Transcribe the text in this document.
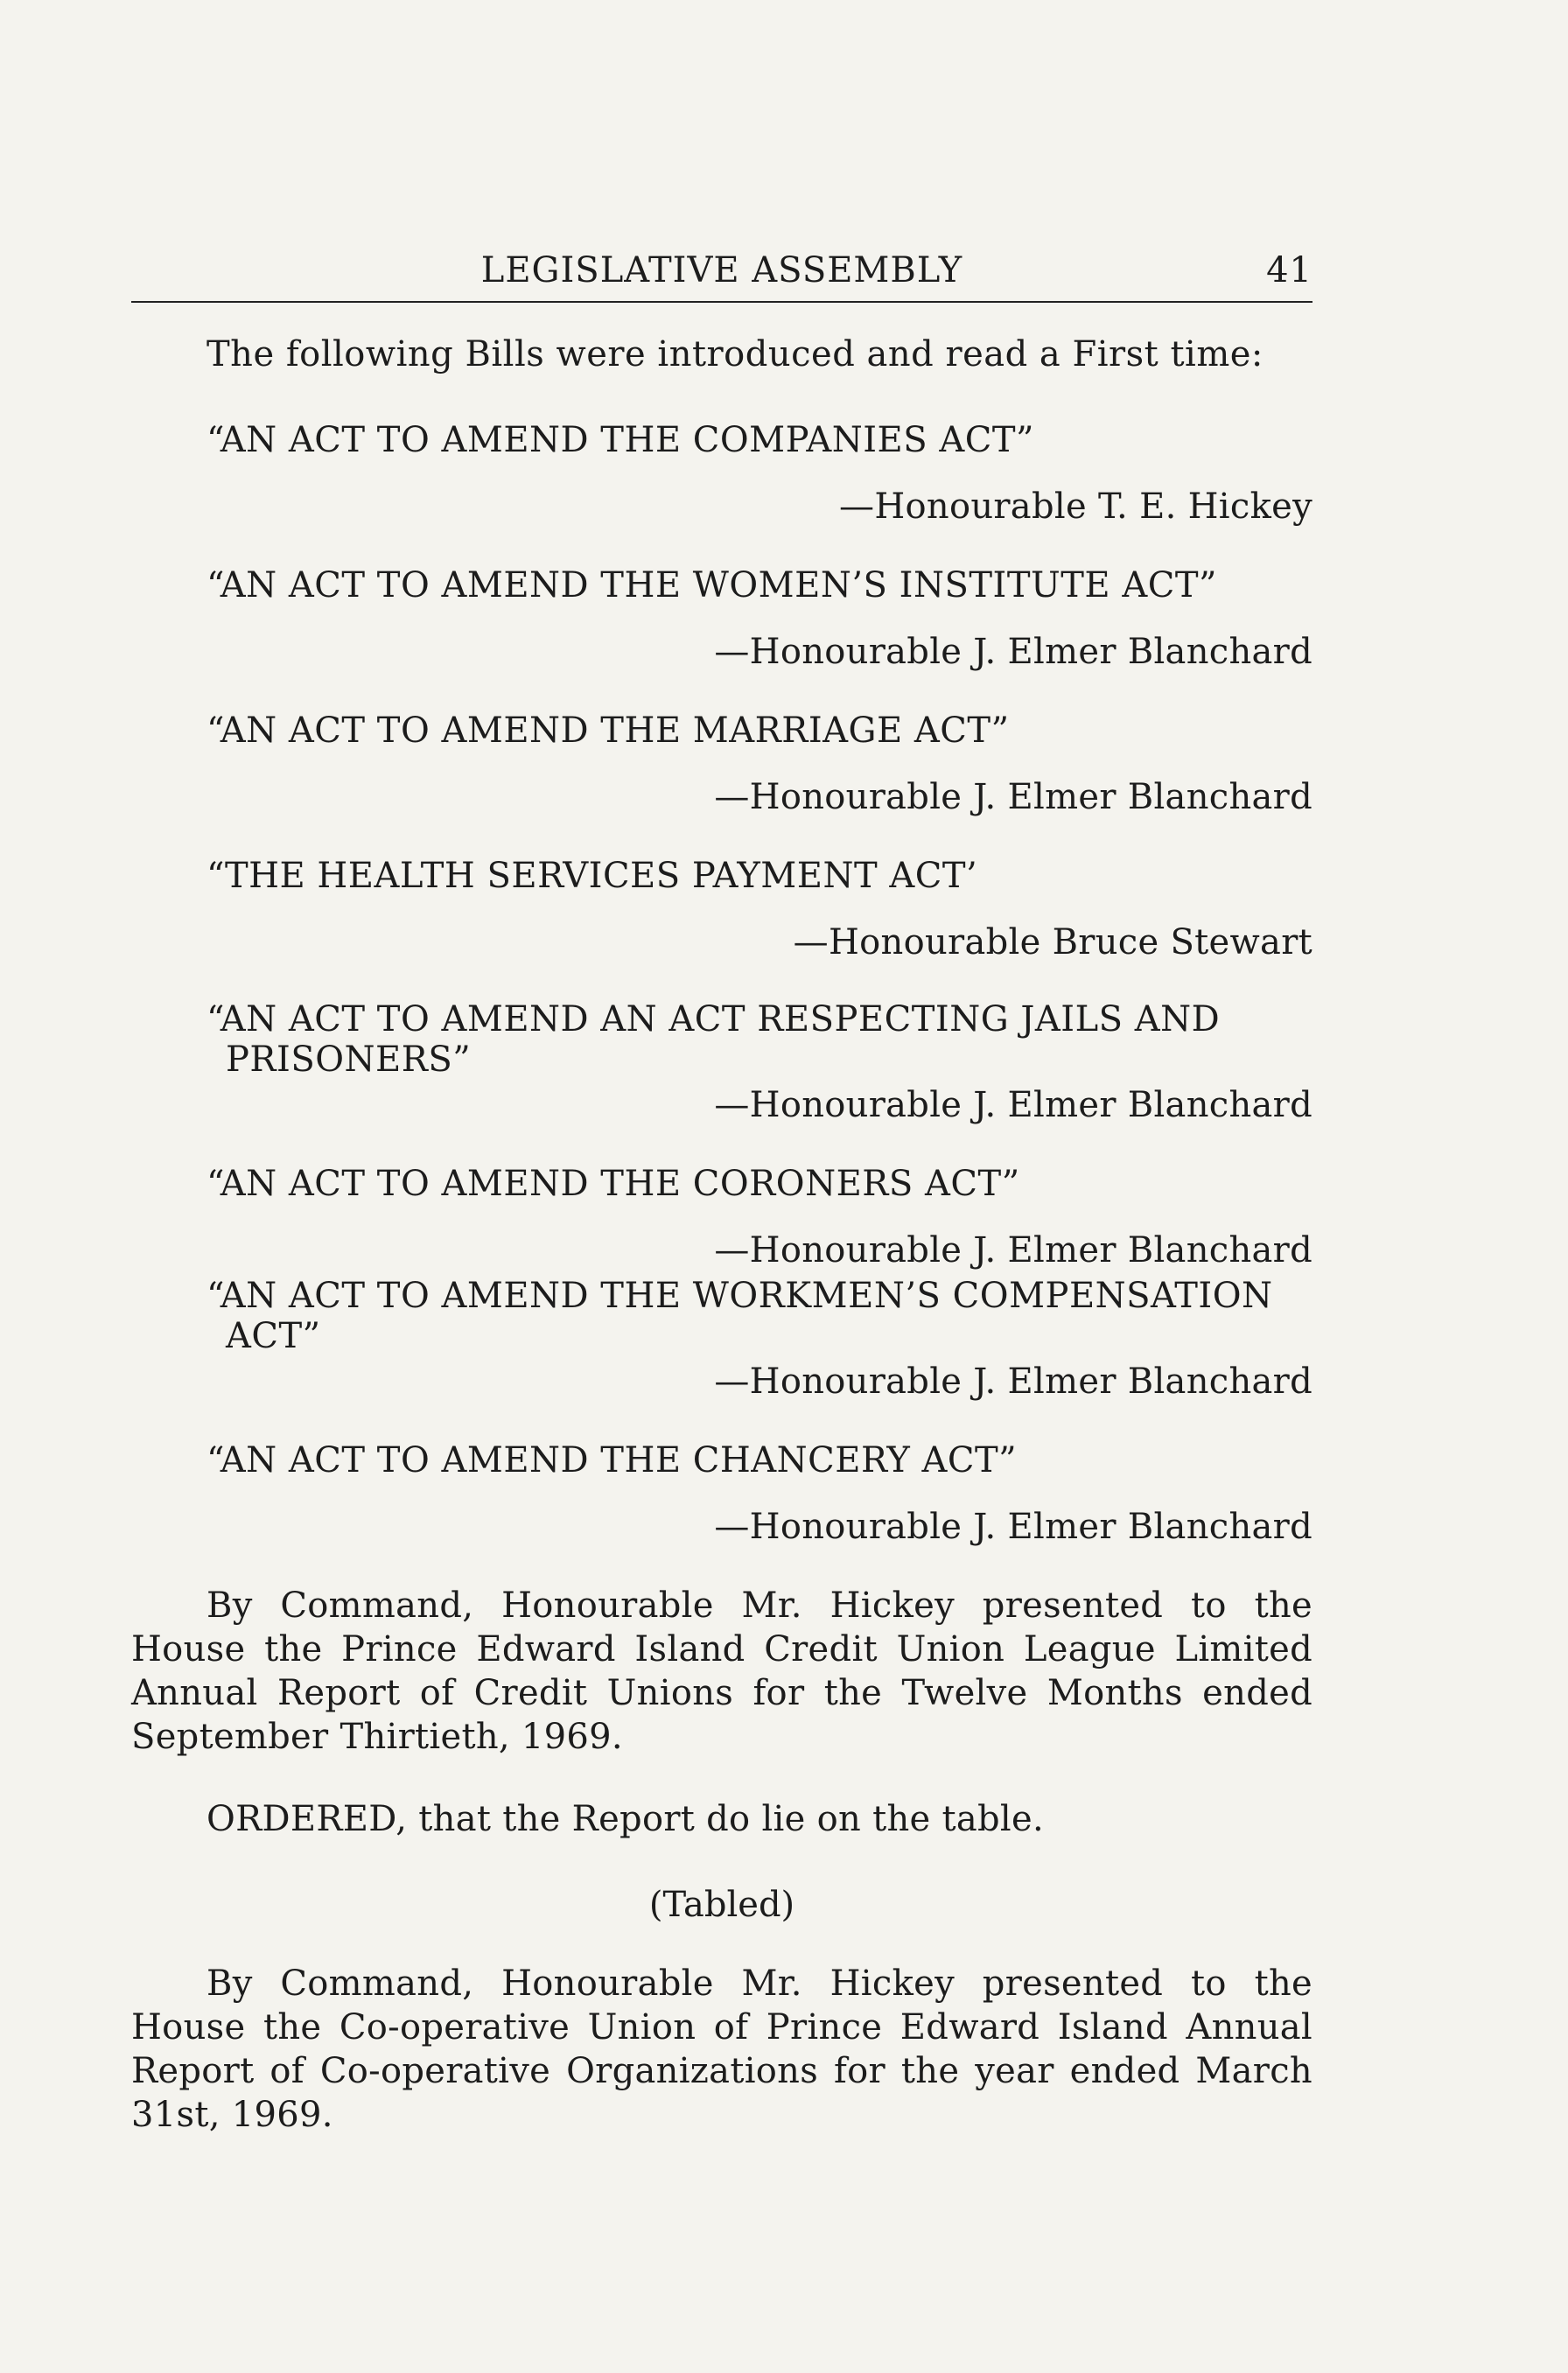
LEGISLATIVE ASSEMBLY	41
The following Bills were introduced and read a First time:
“AN ACT TO AMEND THE COMPANIES ACT”
—Honourable T. E. Hickey
“AN ACT TO AMEND THE WOMEN’S INSTITUTE ACT”
—Honourable J. Elmer Blanchard
“AN ACT TO AMEND THE MARRIAGE ACT”
—Honourable J. Elmer Blanchard
“THE HEALTH SERVICES PAYMENT ACT’
—Honourable Bruce Stewart
“AN ACT TO AMEND AN ACT RESPECTING JAILS AND
PRISONERS”
—Honourable J. Elmer Blanchard
“AN ACT TO AMEND THE CORONERS ACT”
—Honourable J. Elmer Blanchard
“AN ACT TO AMEND THE WORKMEN’S COMPENSATION
ACT”
—Honourable J. Elmer Blanchard
“AN ACT TO AMEND THE CHANCERY ACT”
—Honourable J. Elmer Blanchard

By Command, Honourable Mr. Hickey presented to the House the Prince Edward Island Credit Union League Limited Annual Report of Credit Unions for the Twelve Months ended September Thirtieth, 1969.

ORDERED, that the Report do lie on the table.
(Tabled)

By Command, Honourable Mr. Hickey presented to the House the Co-operative Union of Prince Edward Island Annual Report of Co-operative Organizations for the year ended March 31st, 1969.
